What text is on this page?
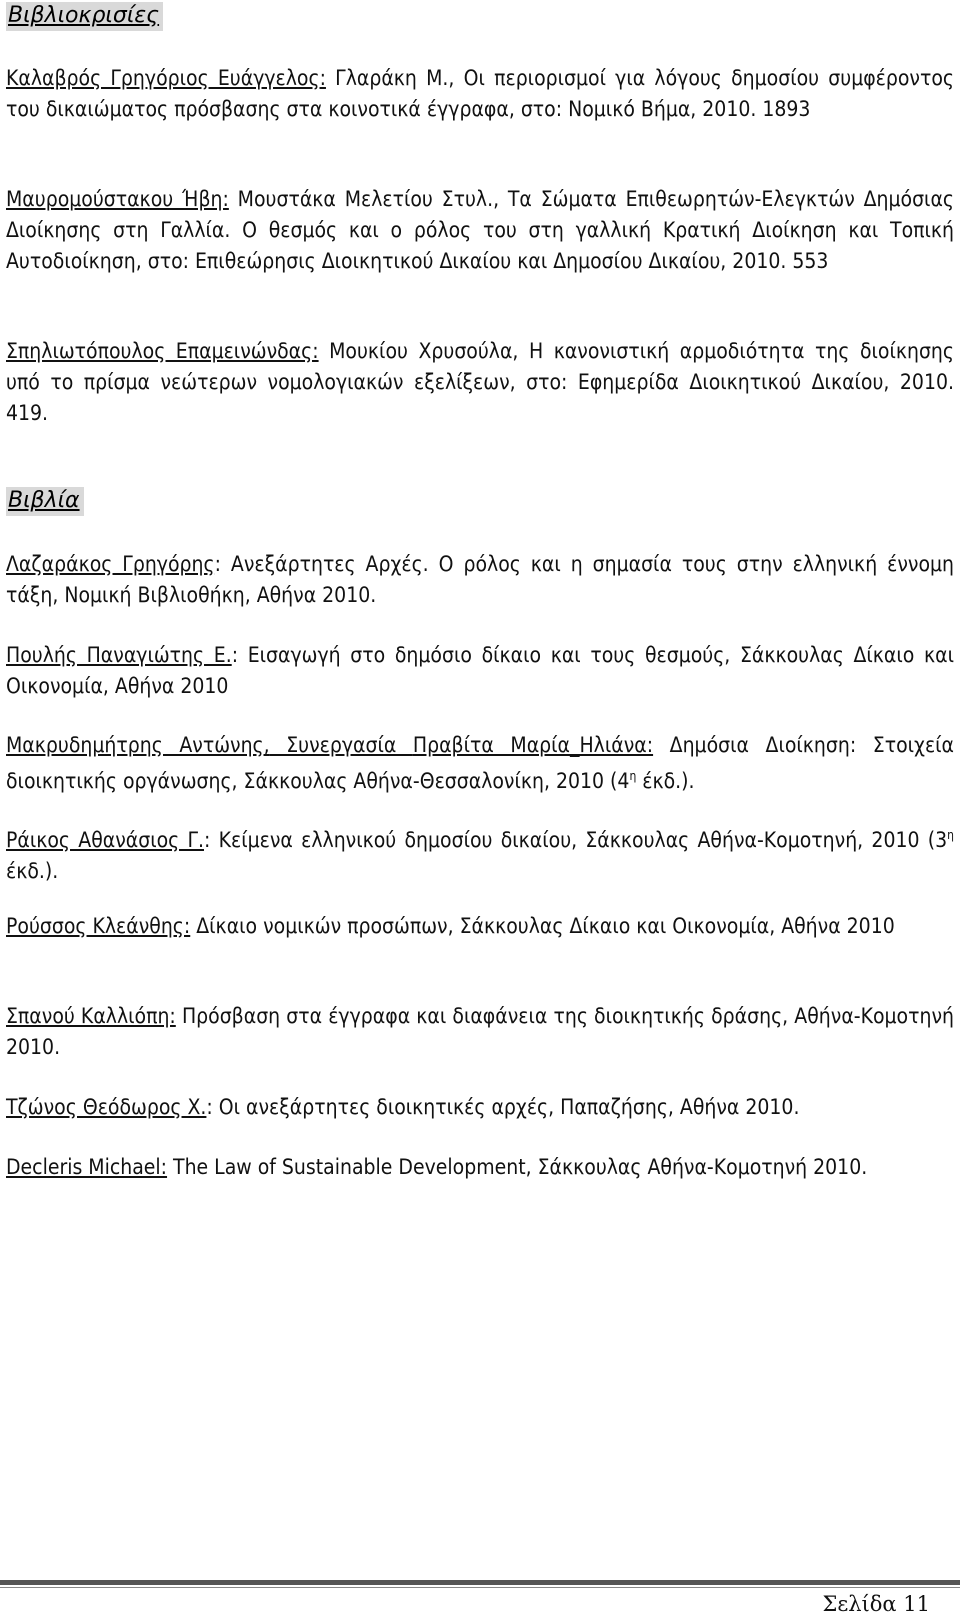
Βιβλιοκρισίες

Καλαβρός Γρηγόριος Ευάγγελος: Γλαράκη Μ., Οι περιορισμοί για λόγους δημοσίου συμφέροντος του δικαιώματος πρόσβασης στα κοινοτικά έγγραφα, στο: Νομικό Βήμα, 2010. 1893

Μαυρομούστακου Ήβη: Μουστάκα Μελετίου Στυλ., Τα Σώματα Επιθεωρητών-Ελεγκτών Δημόσιας Διοίκησης στη Γαλλία. Ο θεσμός και ο ρόλος του στη γαλλική Κρατική Διοίκηση και Τοπική Αυτοδιοίκηση, στο: Επιθεώρησις Διοικητικού Δικαίου και Δημοσίου Δικαίου, 2010. 553

Σπηλιωτόπουλος Επαμεινώνδας: Μουκίου Χρυσούλα, Η κανονιστική αρμοδιότητα της διοίκησης υπό το πρίσμα νεώτερων νομολογιακών εξελίξεων, στο: Εφημερίδα Διοικητικού Δικαίου, 2010. 419.

Βιβλία

Λαζαράκος Γρηγόρης: Ανεξάρτητες Αρχές. Ο ρόλος και η σημασία τους στην ελληνική έννομη τάξη, Νομική Βιβλιοθήκη, Αθήνα 2010.

Πουλής Παναγιώτης Ε.: Εισαγωγή στο δημόσιο δίκαιο και τους θεσμούς, Σάκκουλας Δίκαιο και Οικονομία, Αθήνα 2010

Μακρυδημήτρης Αντώνης, Συνεργασία Πραβίτα Μαρία_Ηλιάνα: Δημόσια Διοίκηση: Στοιχεία διοικητικής οργάνωσης, Σάκκουλας Αθήνα-Θεσσαλονίκη, 2010 ($4^\eta$ έκδ.).

Ράικος Αθανάσιος Γ.: Κείμενα ελληνικού δημοσίου δικαίου, Σάκκουλας Αθήνα-Κομοτηνή, 2010 ($3^\eta$ έκδ.).

Ρούσσος Κλεάνθης: Δίκαιο νομικών προσώπων, Σάκκουλας Δίκαιο και Οικονομία, Αθήνα 2010

Σπανού Καλλιόπη: Πρόσβαση στα έγγραφα και διαφάνεια της διοικητικής δράσης, Αθήνα-Κομοτηνή 2010.

Τζώνος Θεόδωρος Χ.: Οι ανεξάρτητες διοικητικές αρχές, Παπαζήσης, Αθήνα 2010.

Decleris Michael: The Law of Sustainable Development, Σάκκουλας Αθήνα-Κομοτηνή 2010.

Σελίδα 11
